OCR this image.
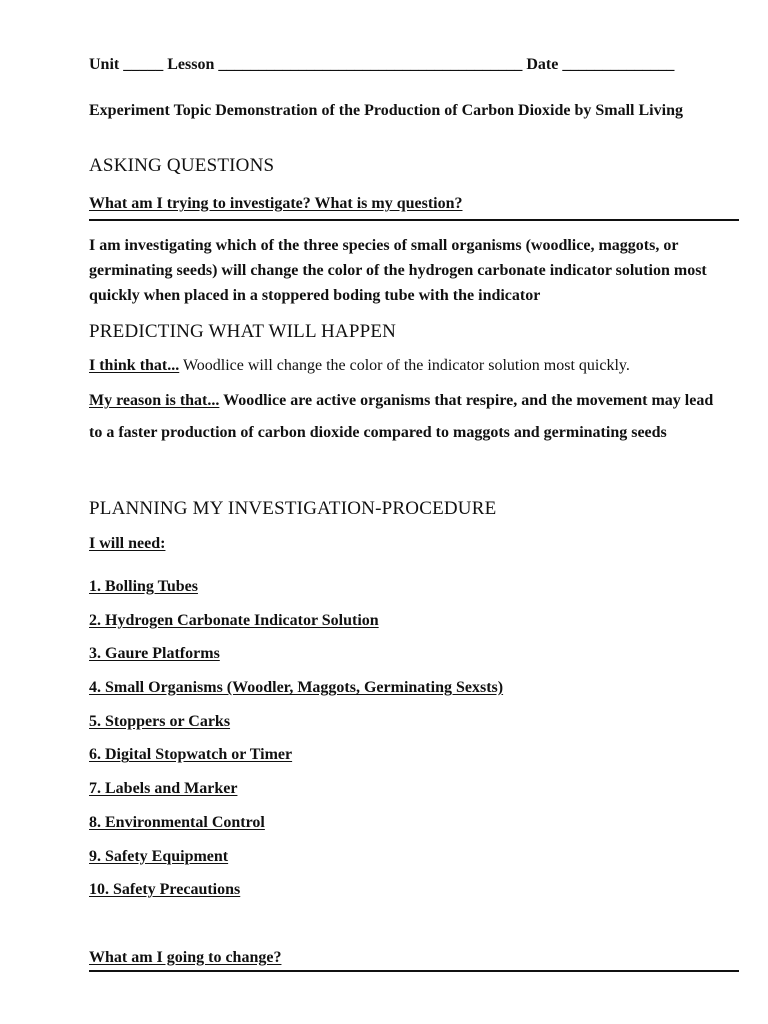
Unit _____ Lesson ______________________________________ Date ______________
Experiment Topic Demonstration of the Production of Carbon Dioxide by Small Living
ASKING QUESTIONS
What am I trying to investigate? What is my question?
I am investigating which of the three species of small organisms (woodlice, maggots, or germinating seeds) will change the color of the hydrogen carbonate indicator solution most quickly when placed in a stoppered boding tube with the indicator
PREDICTING WHAT WILL HAPPEN
I think that... Woodlice will change the color of the indicator solution most quickly.
My reason is that... Woodlice are active organisms that respire, and the movement may lead to a faster production of carbon dioxide compared to maggots and germinating seeds
PLANNING MY INVESTIGATION-PROCEDURE
I will need:
1. Bolling Tubes
2. Hydrogen Carbonate Indicator Solution
3. Gaure Platforms
4. Small Organisms (Woodler, Maggots, Germinating Sexsts)
5. Stoppers or Carks
6. Digital Stopwatch or Timer
7. Labels and Marker
8. Environmental Control
9. Safety Equipment
10. Safety Precautions
What am I going to change?
